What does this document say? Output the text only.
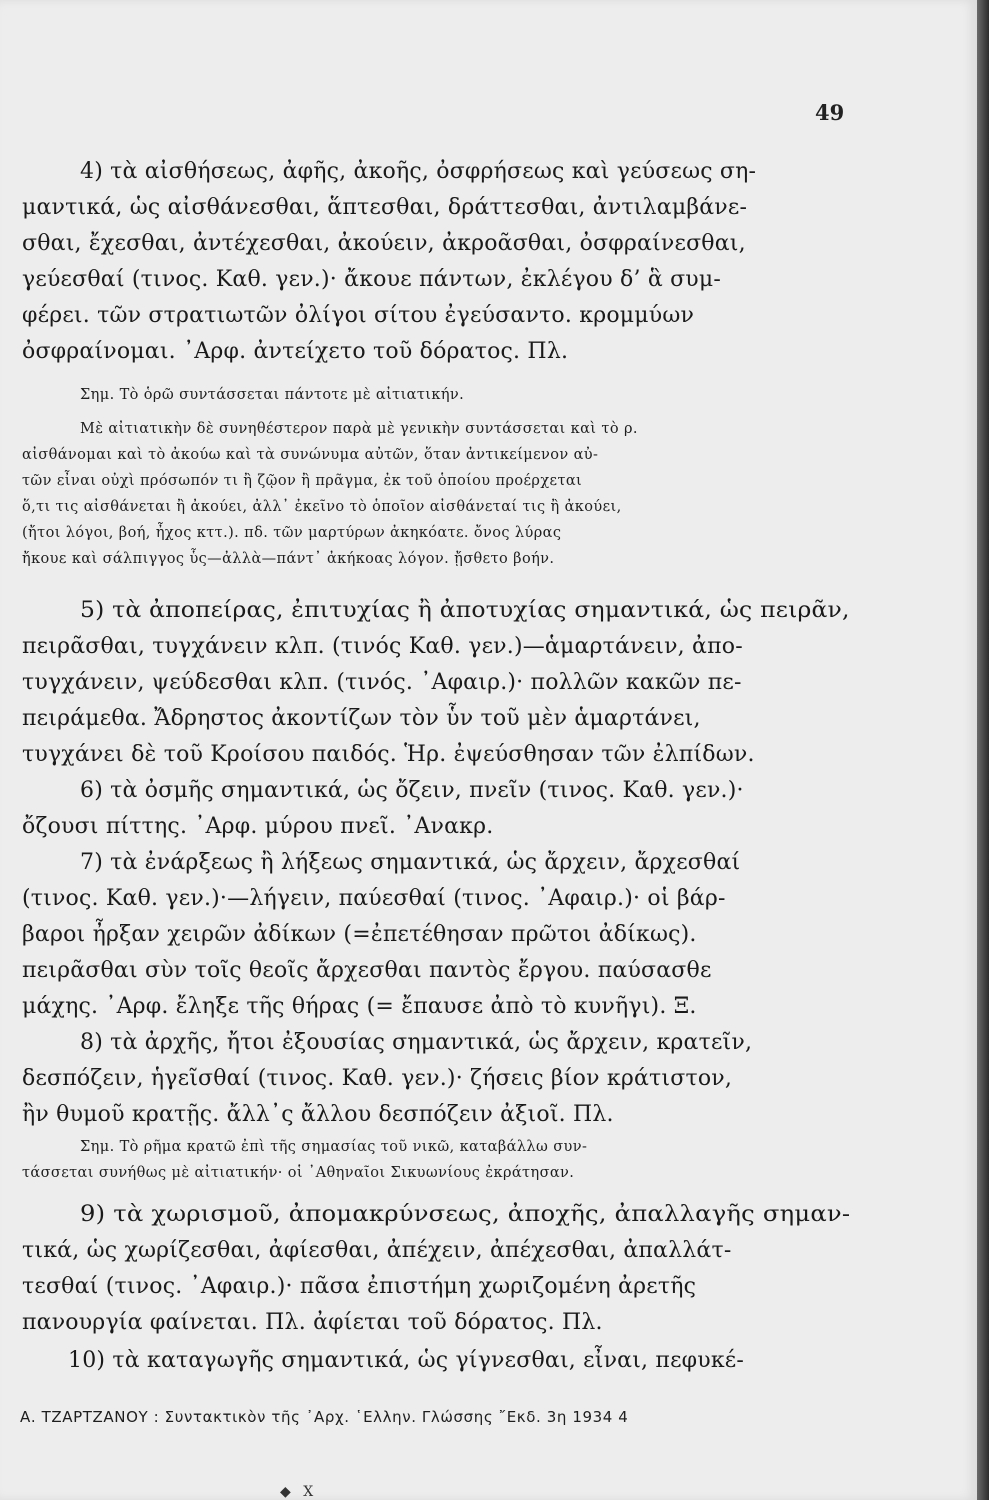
49
4) τὰ αἰσθήσεως, ἀφῆς, ἀκοῆς, ὀσφρήσεως καὶ γεύσεως ση-
μαντικά, ὡς αἰσθάνεσθαι, ἅπτεσθαι, δράττεσθαι, ἀντιλαμβάνε-
σθαι, ἔχεσθαι, ἀντέχεσθαι, ἀκούειν, ἀκροᾶσθαι, ὀσφραίνεσθαι,
γεύεσθαί (τινος. Καθ. γεν.)· ἄκουε πάντων, ἐκλέγου δ’ ἃ συμ-
φέρει. τῶν στρατιωτῶν ὀλίγοι σίτου ἐγεύσαντο. κρομμύων
ὀσφραίνομαι. ᾿Αρφ. ἀντείχετο τοῦ δόρατος. Πλ.
Σημ. Τὸ ὁρῶ συντάσσεται πάντοτε μὲ αἰτιατικήν.
Μὲ αἰτιατικὴν δὲ συνηθέστερον παρὰ μὲ γενικὴν συντάσσεται καὶ τὸ ρ.
αἰσθάνομαι καὶ τὸ ἀκούω καὶ τὰ συνώνυμα αὐτῶν, ὅταν ἀντικείμενον αὐ-
τῶν εἶναι οὐχὶ πρόσωπόν τι ἢ ζῷον ἢ πρᾶγμα, ἐκ τοῦ ὁποίου προέρχεται
ὅ,τι τις αἰσθάνεται ἢ ἀκούει, ἀλλ᾽ ἐκεῖνο τὸ ὁποῖον αἰσθάνεταί τις ἢ ἀκούει,
(ἤτοι λόγοι, βοή, ἦχος κττ.). πδ. τῶν μαρτύρων ἀκηκόατε. ὄνος λύρας
ἤκουε καὶ σάλπιγγος ὗς—ἀλλὰ—πάντ᾽ ἀκήκοας λόγον. ᾔσθετο βοήν.
5) τὰ ἀποπείρας, ἐπιτυχίας ἢ ἀποτυχίας σημαντικά, ὡς πειρᾶν,
πειρᾶσθαι, τυγχάνειν κλπ. (τινός Καθ. γεν.)—ἁμαρτάνειν, ἀπο-
τυγχάνειν, ψεύδεσθαι κλπ. (τινός. ᾿Αφαιρ.)· πολλῶν κακῶν πε-
πειράμεθα. Ἄδρηστος ἀκοντίζων τὸν ὗν τοῦ μὲν ἁμαρτάνει,
τυγχάνει δὲ τοῦ Κροίσου παιδός. Ἡρ. ἐψεύσθησαν τῶν ἐλπίδων.
6) τὰ ὀσμῆς σημαντικά, ὡς ὄζειν, πνεῖν (τινος. Καθ. γεν.)·
ὄζουσι πίττης. ᾿Αρφ. μύρου πνεῖ. ᾿Ανακρ.
7) τὰ ἐνάρξεως ἢ λήξεως σημαντικά, ὡς ἄρχειν, ἄρχεσθαί
(τινος. Καθ. γεν.)·—λήγειν, παύεσθαί (τινος. ᾿Αφαιρ.)· οἱ βάρ-
βαροι ἦρξαν χειρῶν ἀδίκων (=ἐπετέθησαν πρῶτοι ἀδίκως).
πειρᾶσθαι σὺν τοῖς θεοῖς ἄρχεσθαι παντὸς ἔργου. παύσασθε
μάχης. ᾿Αρφ. ἔληξε τῆς θήρας (= ἔπαυσε ἀπὸ τὸ κυνῆγι). Ξ.
8) τὰ ἀρχῆς, ἤτοι ἐξουσίας σημαντικά, ὡς ἄρχειν, κρατεῖν,
δεσπόζειν, ἡγεῖσθαί (τινος. Καθ. γεν.)· ζήσεις βίον κράτιστον,
ἢν θυμοῦ κρατῇς. ἄλλ᾽ς ἄλλου δεσπόζειν ἀξιοῖ. Πλ.
Σημ. Τὸ ρῆμα κρατῶ ἐπὶ τῆς σημασίας τοῦ νικῶ, καταβάλλω συν-
τάσσεται συνήθως μὲ αἰτιατικήν· οἱ ᾿Αθηναῖοι Σικυωνίους ἐκράτησαν.
9) τὰ χωρισμοῦ, ἀπομακρύνσεως, ἀποχῆς, ἀπαλλαγῆς σημαν-
τικά, ὡς χωρίζεσθαι, ἀφίεσθαι, ἀπέχειν, ἀπέχεσθαι, ἀπαλλάτ-
τεσθαί (τινος. ᾿Αφαιρ.)· πᾶσα ἐπιστήμη χωριζομένη ἀρετῆς
πανουργία φαίνεται. Πλ. ἀφίεται τοῦ δόρατος. Πλ.
10) τὰ καταγωγῆς σημαντικά, ὡς γίγνεσθαι, εἶναι, πεφυκέ-
Α. ΤΖΑΡΤΖΑΝΟΥ : Συντακτικὸν τῆς ᾿Αρχ. ῾Ελλην. Γλώσσης ῎Εκδ. 3η 1934 4
◆ X
